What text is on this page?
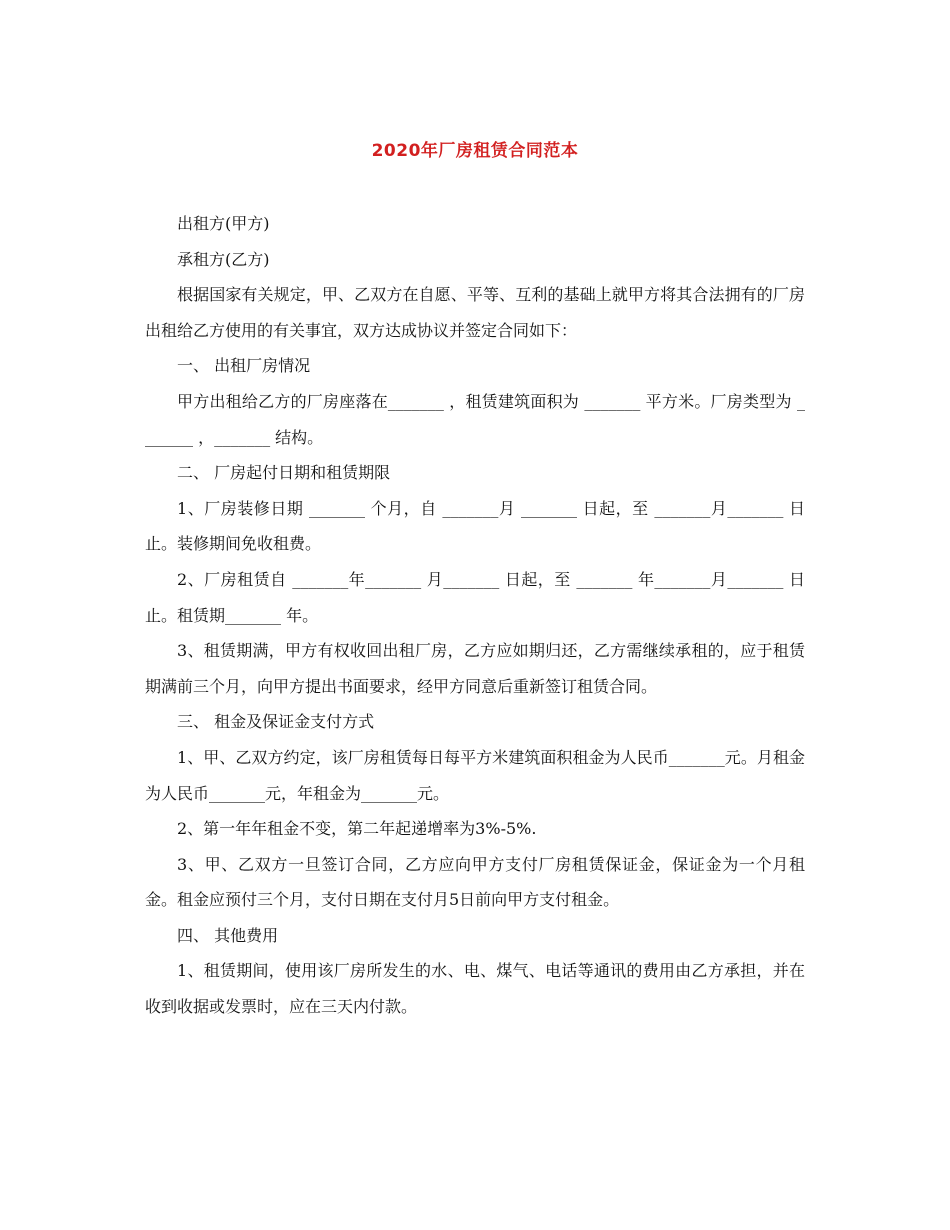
2020年厂房租赁合同范本

出租方(甲方)

承租方(乙方)

根据国家有关规定，甲、乙双方在自愿、平等、互利的基础上就甲方将其合法拥有的厂房出租给乙方使用的有关事宜，双方达成协议并签定合同如下：

一、 出租厂房情况

甲方出租给乙方的厂房座落在_______ ，租赁建筑面积为 _______ 平方米。厂房类型为 _______ ，_______ 结构。

二、 厂房起付日期和租赁期限

1、厂房装修日期 _______ 个月，自 _______月 _______ 日起，至 _______月_______ 日止。装修期间免收租费。

2、厂房租赁自 _______年_______ 月_______ 日起，至 _______ 年_______月_______ 日止。租赁期_______ 年。

3、租赁期满，甲方有权收回出租厂房，乙方应如期归还，乙方需继续承租的，应于租赁期满前三个月，向甲方提出书面要求，经甲方同意后重新签订租赁合同。

三、 租金及保证金支付方式

1、甲、乙双方约定，该厂房租赁每日每平方米建筑面积租金为人民币_______元。月租金为人民币_______元，年租金为_______元。

2、第一年年租金不变，第二年起递增率为3%-5%.

3、甲、乙双方一旦签订合同，乙方应向甲方支付厂房租赁保证金，保证金为一个月租金。租金应预付三个月，支付日期在支付月5日前向甲方支付租金。

四、 其他费用

1、租赁期间，使用该厂房所发生的水、电、煤气、电话等通讯的费用由乙方承担，并在收到收据或发票时，应在三天内付款。
